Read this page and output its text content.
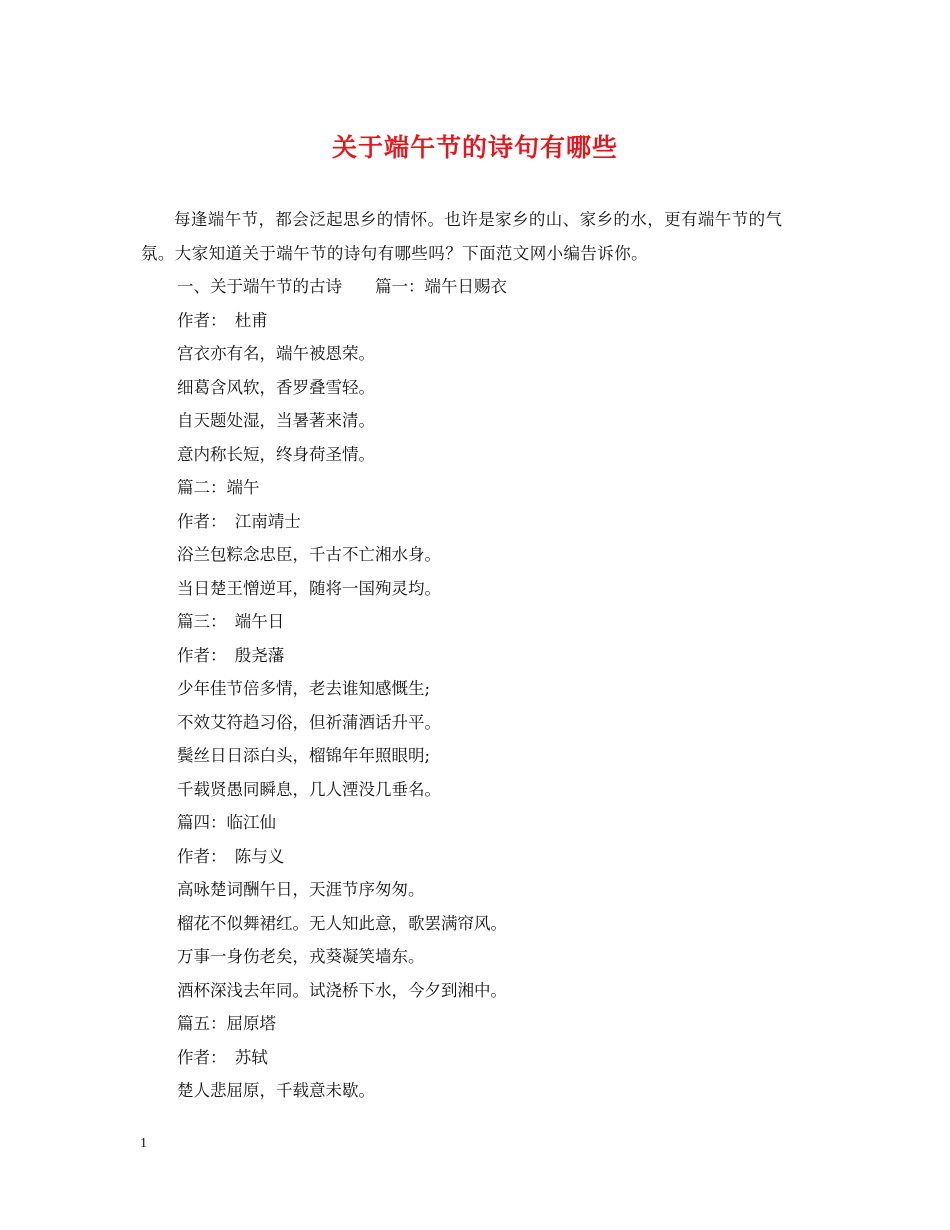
关于端午节的诗句有哪些

每逢端午节，都会泛起思乡的情怀。也许是家乡的山、家乡的水，更有端午节的气氛。大家知道关于端午节的诗句有哪些吗？下面范文网小编告诉你。

一、关于端午节的古诗　　篇一：端午日赐衣

作者：　杜甫

宫衣亦有名，端午被恩荣。

细葛含风软，香罗叠雪轻。

自天题处湿，当暑著来清。

意内称长短，终身荷圣情。

篇二：端午

作者：　江南靖士

浴兰包粽念忠臣，千古不亡湘水身。

当日楚王憎逆耳，随将一国殉灵均。

篇三：　端午日

作者：　殷尧藩

少年佳节倍多情，老去谁知感慨生;

不效艾符趋习俗，但祈蒲酒话升平。

鬓丝日日添白头，榴锦年年照眼明;

千载贤愚同瞬息，几人湮没几垂名。

篇四：临江仙

作者：　陈与义

高咏楚词酬午日，天涯节序匆匆。

榴花不似舞裙红。无人知此意，歌罢满帘风。

万事一身伤老矣，戎葵凝笑墙东。

酒杯深浅去年同。试浇桥下水，今夕到湘中。

篇五：屈原塔

作者：　苏轼

楚人悲屈原，千载意未歇。

1
